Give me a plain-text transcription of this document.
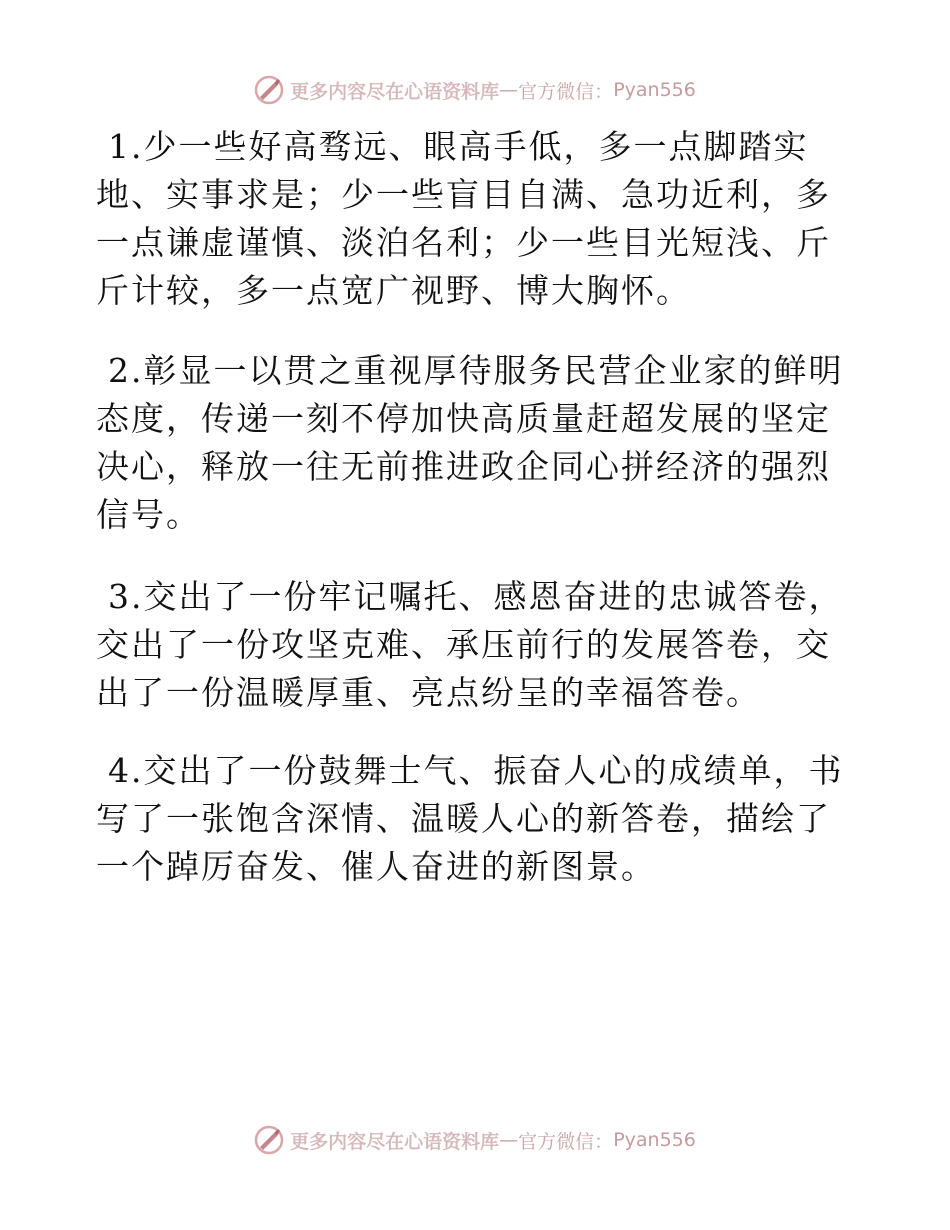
更多内容尽在心语资料库 — 官方微信： Pyan556

1.少一些好高骛远、眼高手低，多一点脚踏实地、实事求是；少一些盲目自满、急功近利，多一点谦虚谨慎、淡泊名利；少一些目光短浅、斤斤计较，多一点宽广视野、博大胸怀。

2.彰显一以贯之重视厚待服务民营企业家的鲜明态度，传递一刻不停加快高质量赶超发展的坚定决心，释放一往无前推进政企同心拼经济的强烈信号。

3.交出了一份牢记嘱托、感恩奋进的忠诚答卷，交出了一份攻坚克难、承压前行的发展答卷，交出了一份温暖厚重、亮点纷呈的幸福答卷。

4.交出了一份鼓舞士气、振奋人心的成绩单，书写了一张饱含深情、温暖人心的新答卷，描绘了一个踔厉奋发、催人奋进的新图景。

更多内容尽在心语资料库 — 官方微信： Pyan556
